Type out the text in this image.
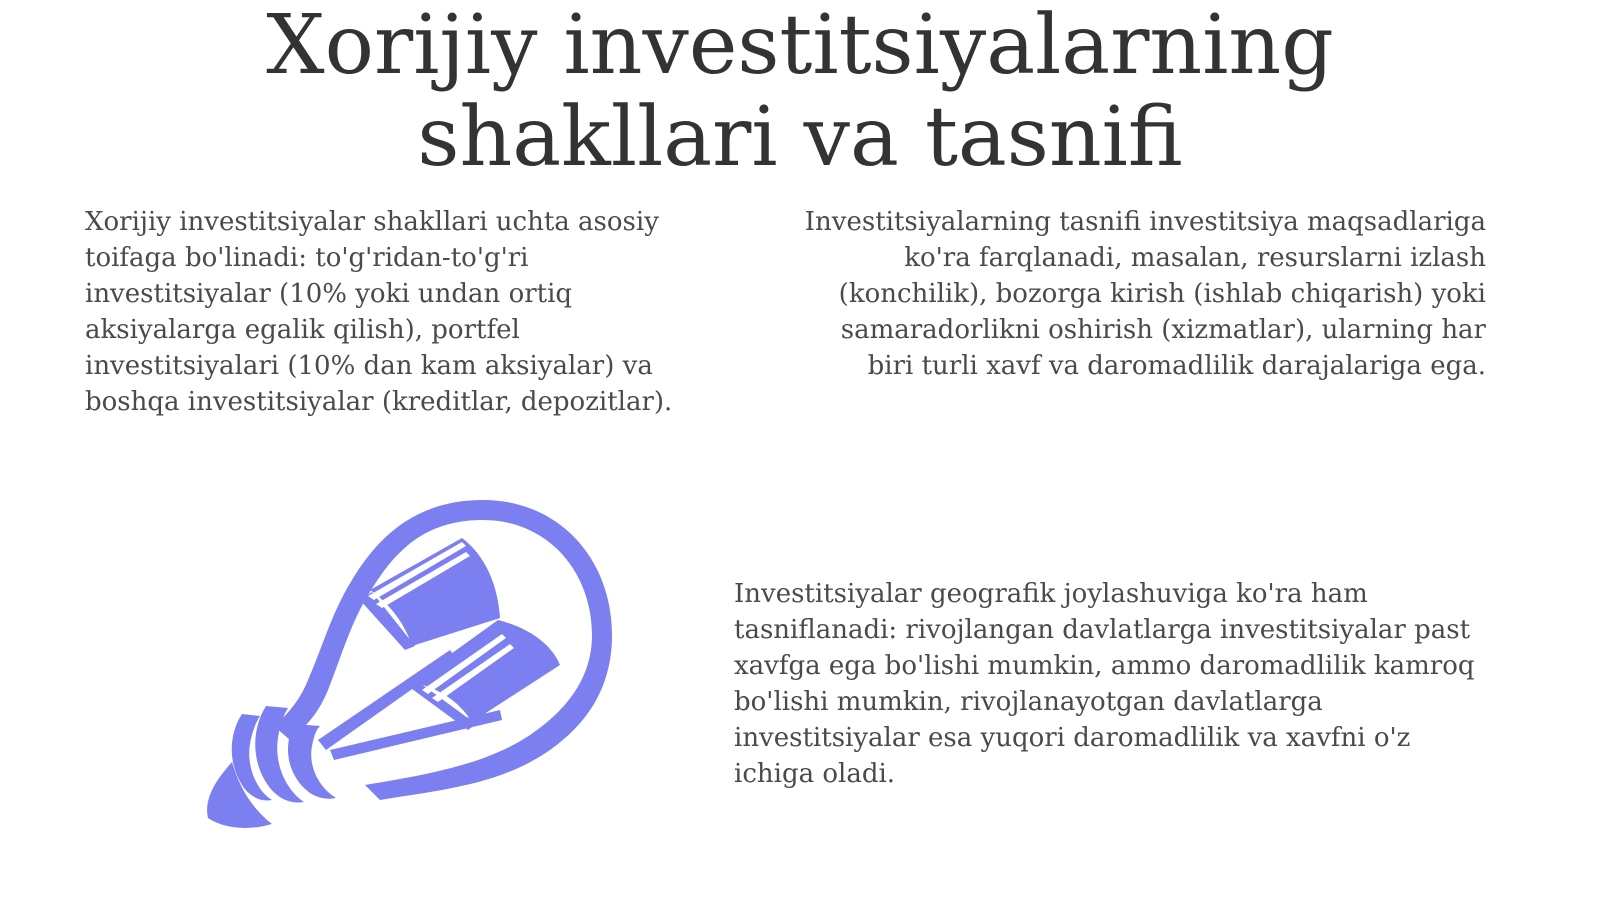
Xorijiy investitsiyalarning
shakllari va tasnifi

Xorijiy investitsiyalar shakllari uchta asosiy toifaga bo'linadi: to'g'ridan-to'g'ri investitsiyalar (10% yoki undan ortiq aksiyalarga egalik qilish), portfel investitsiyalari (10% dan kam aksiyalar) va boshqa investitsiyalar (kreditlar, depozitlar).

Investitsiyalarning tasnifi investitsiya maqsadlariga ko'ra farqlanadi, masalan, resurslarni izlash (konchilik), bozorga kirish (ishlab chiqarish) yoki samaradorlikni oshirish (xizmatlar), ularning har biri turli xavf va daromadlilik darajalariga ega.

Investitsiyalar geografik joylashuviga ko'ra ham tasniflanadi: rivojlangan davlatlarga investitsiyalar past xavfga ega bo'lishi mumkin, ammo daromadlilik kamroq bo'lishi mumkin, rivojlanayotgan davlatlarga investitsiyalar esa yuqori daromadlilik va xavfni o'z ichiga oladi.
